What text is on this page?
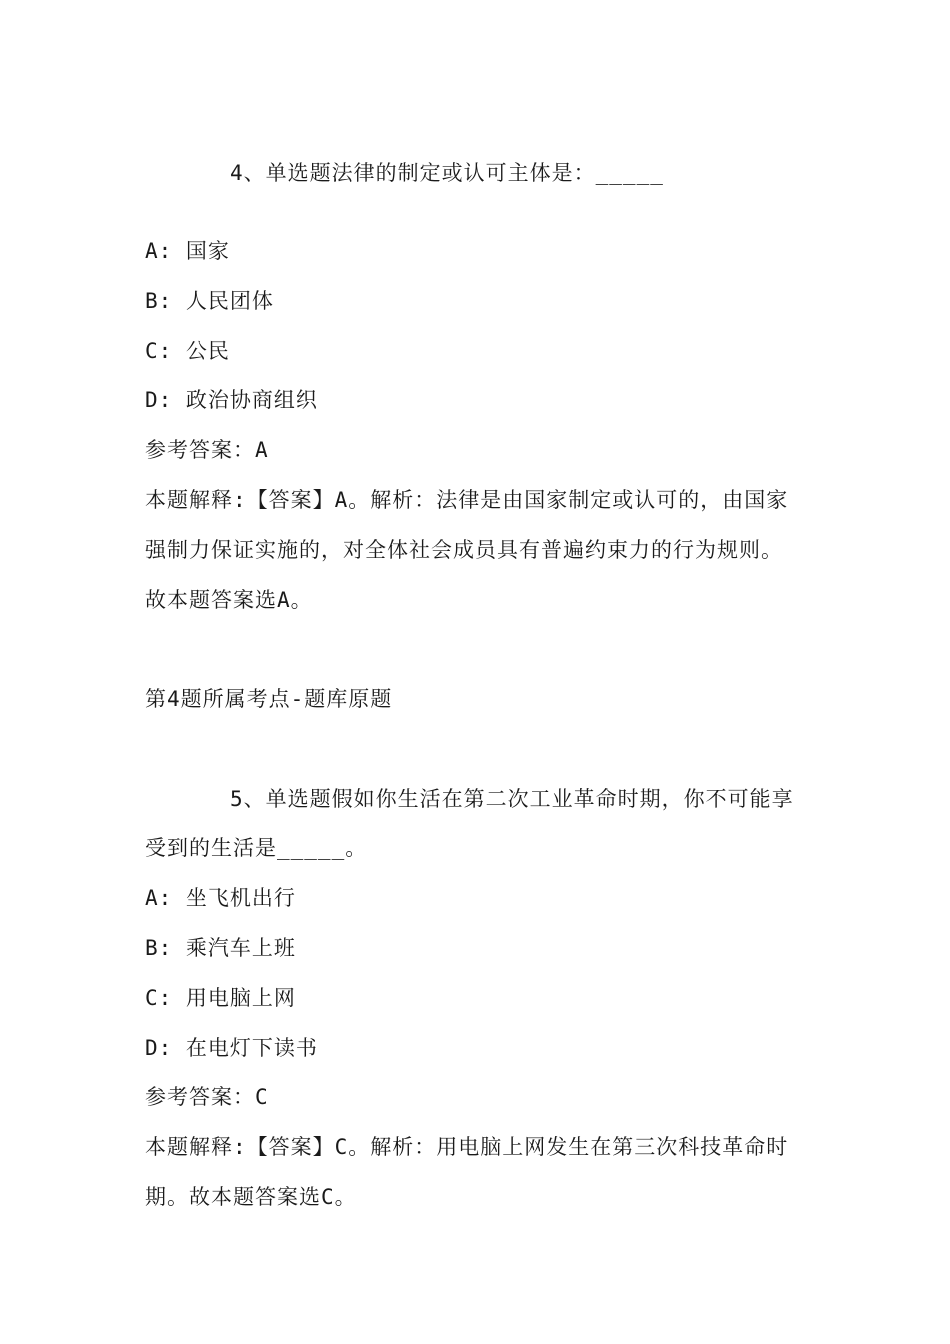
4、单选题法律的制定或认可主体是：_____
A: 国家
B: 人民团体
C: 公民
D: 政治协商组织
参考答案：A
本题解释:【答案】A。解析：法律是由国家制定或认可的，由国家
强制力保证实施的，对全体社会成员具有普遍约束力的行为规则。
故本题答案选A。
第4题所属考点-题库原题
5、单选题假如你生活在第二次工业革命时期，你不可能享
受到的生活是_____。
A: 坐飞机出行
B: 乘汽车上班
C: 用电脑上网
D: 在电灯下读书
参考答案：C
本题解释:【答案】C。解析：用电脑上网发生在第三次科技革命时
期。故本题答案选C。
